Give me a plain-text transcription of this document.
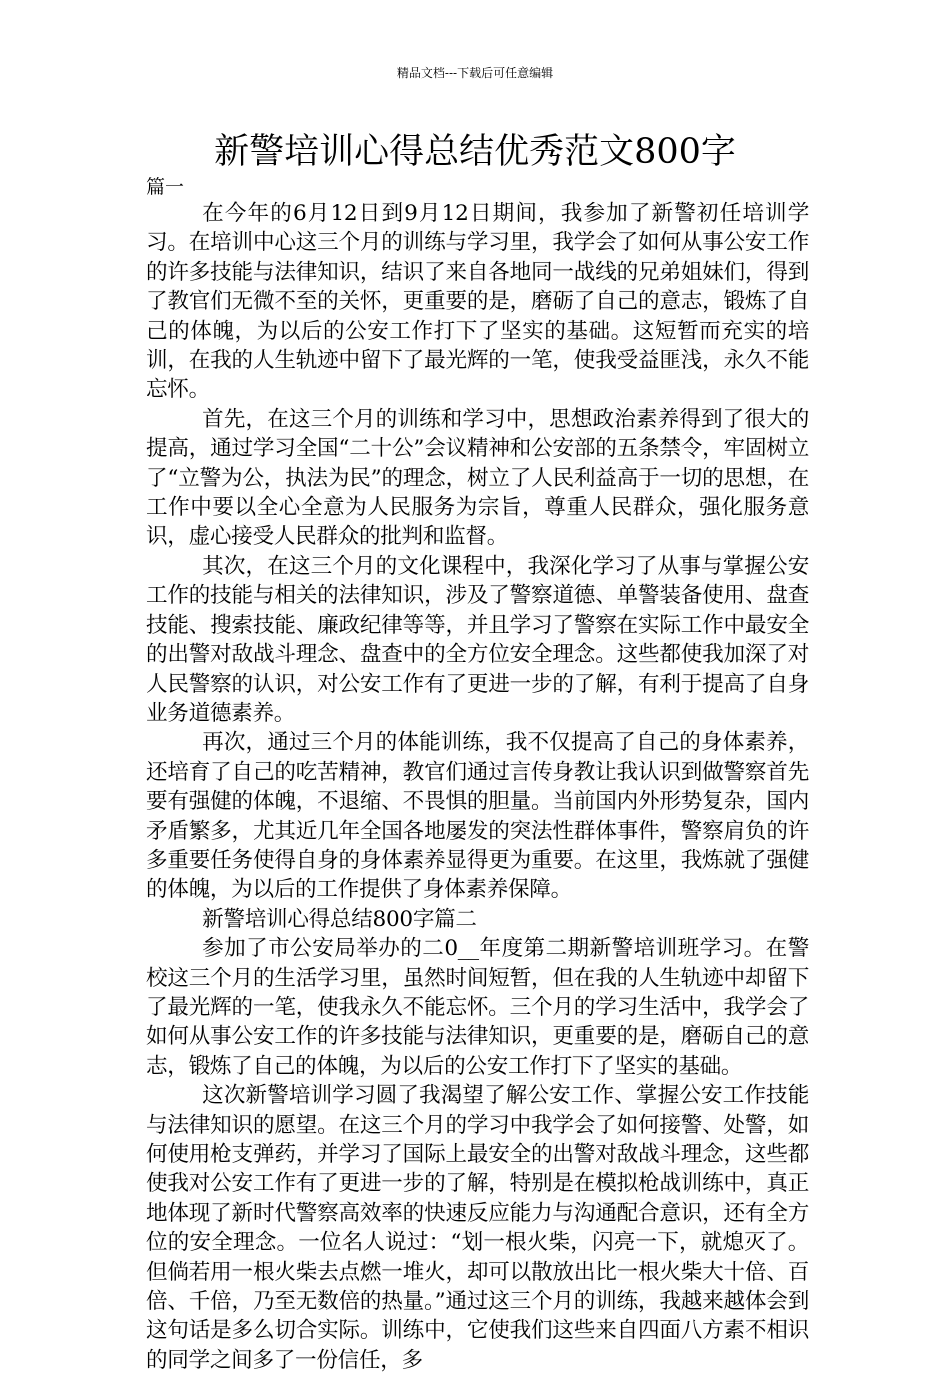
精品文档---下载后可任意编辑
新警培训心得总结优秀范文800字
篇一

在今年的6月12日到9月12日期间，我参加了新警初任培训学习。在培训中心这三个月的训练与学习里，我学会了如何从事公安工作的许多技能与法律知识，结识了来自各地同一战线的兄弟姐妹们，得到了教官们无微不至的关怀，更重要的是，磨砺了自己的意志，锻炼了自己的体魄，为以后的公安工作打下了坚实的基础。这短暂而充实的培训，在我的人生轨迹中留下了最光辉的一笔，使我受益匪浅，永久不能忘怀。

首先，在这三个月的训练和学习中，思想政治素养得到了很大的提高，通过学习全国“二十公”会议精神和公安部的五条禁令，牢固树立了“立警为公，执法为民”的理念，树立了人民利益高于一切的思想，在工作中要以全心全意为人民服务为宗旨，尊重人民群众，强化服务意识，虚心接受人民群众的批判和监督。

其次，在这三个月的文化课程中，我深化学习了从事与掌握公安工作的技能与相关的法律知识，涉及了警察道德、单警装备使用、盘查技能、搜索技能、廉政纪律等等，并且学习了警察在实际工作中最安全的出警对敌战斗理念、盘查中的全方位安全理念。这些都使我加深了对人民警察的认识，对公安工作有了更进一步的了解，有利于提高了自身业务道德素养。

再次，通过三个月的体能训练，我不仅提高了自己的身体素养，还培育了自己的吃苦精神，教官们通过言传身教让我认识到做警察首先要有强健的体魄，不退缩、不畏惧的胆量。当前国内外形势复杂，国内矛盾繁多，尤其近几年全国各地屡发的突法性群体事件，警察肩负的许多重要任务使得自身的身体素养显得更为重要。在这里，我炼就了强健的体魄，为以后的工作提供了身体素养保障。

新警培训心得总结800字篇二

参加了市公安局举办的二0__年度第二期新警培训班学习。在警校这三个月的生活学习里，虽然时间短暂，但在我的人生轨迹中却留下了最光辉的一笔，使我永久不能忘怀。三个月的学习生活中，我学会了如何从事公安工作的许多技能与法律知识，更重要的是，磨砺自己的意志，锻炼了自己的体魄，为以后的公安工作打下了坚实的基础。

这次新警培训学习圆了我渴望了解公安工作、掌握公安工作技能与法律知识的愿望。在这三个月的学习中我学会了如何接警、处警，如何使用枪支弹药，并学习了国际上最安全的出警对敌战斗理念，这些都使我对公安工作有了更进一步的了解，特别是在模拟枪战训练中，真正地体现了新时代警察高效率的快速反应能力与沟通配合意识，还有全方位的安全理念。一位名人说过：“划一根火柴，闪亮一下，就熄灭了。但倘若用一根火柴去点燃一堆火，却可以散放出比一根火柴大十倍、百倍、千倍，乃至无数倍的热量。”通过这三个月的训练，我越来越体会到这句话是多么切合实际。训练中，它使我们这些来自四面八方素不相识的同学之间多了一份信任，多
